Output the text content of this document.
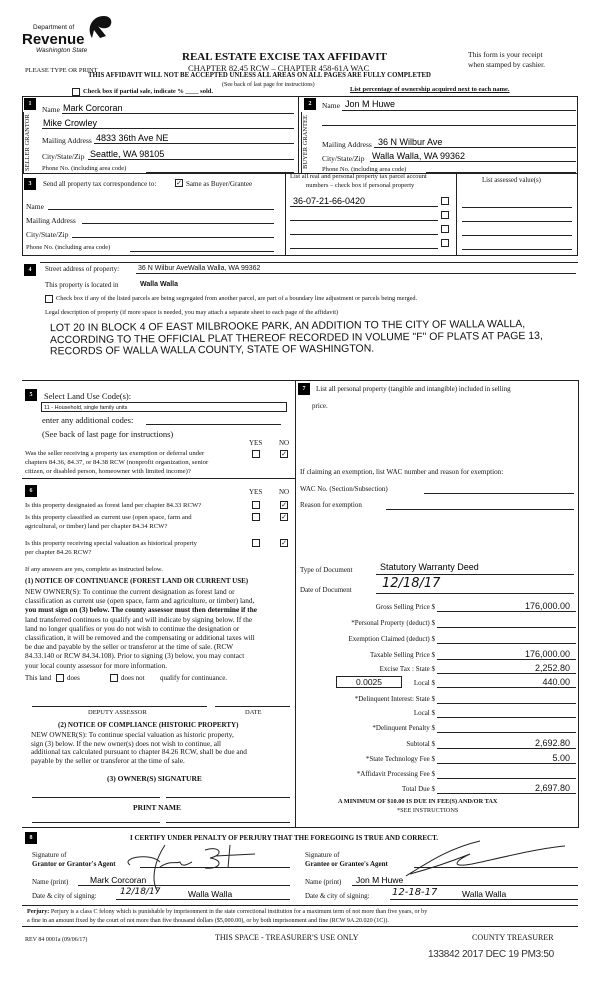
Department of
Revenue
Washington State
REAL ESTATE EXCISE TAX AFFIDAVIT
CHAPTER 82.45 RCW – CHAPTER 458-61A WAC
This form is your receipt
when stamped by cashier.
PLEASE TYPE OR PRINT
THIS AFFIDAVIT WILL NOT BE ACCEPTED UNLESS ALL AREAS ON ALL PAGES ARE FULLY COMPLETED
(See back of last page for instructions)
Check box if partial sale, indicate % ____ sold.	List percentage of ownership acquired next to each name.
1
SELLER GRANTOR
Name Mark Corcoran
Mike Crowley
Mailing Address 4833 36th Ave NE
City/State/Zip Seattle, WA 98105
Phone No. (including area code)
2
BUYER GRANTEE
Name Jon M Huwe
Mailing Address 36 N Wilbur Ave
City/State/Zip Walla Walla, WA 99362
Phone No. (including area code)
3	Send all property tax correspondence to:	✓ Same as Buyer/Grantee
Name
Mailing Address
City/State/Zip
Phone No. (including area code)
List all real and personal property tax parcel account
numbers – check box if personal property
36-07-21-66-0420
List assessed value(s)
4	Street address of property:	36 N Wilbur AveWalla Walla, WA 99362
This property is located in	Walla Walla
Check box if any of the listed parcels are being segregated from another parcel, are part of a boundary line adjustment or parcels being merged.
Legal description of property (if more space is needed, you may attach a separate sheet to each page of the affidavit)
LOT 20 IN BLOCK 4 OF EAST MILBROOKE PARK, AN ADDITION TO THE CITY OF WALLA WALLA,
ACCORDING TO THE OFFICIAL PLAT THEREOF RECORDED IN VOLUME "F" OF PLATS AT PAGE 13,
RECORDS OF WALLA WALLA COUNTY, STATE OF WASHINGTON.
5	Select Land Use Code(s):
11 - Household, single family units
enter any additional codes:
(See back of last page for instructions)
YES NO
Was the seller receiving a property tax exemption or deferral under
chapters 84.36, 84.37, or 84.38 RCW (nonprofit organization, senior
citizen, or disabled person, homeowner with limited income)?
✓
6	YES NO
Is this property designated as forest land per chapter 84.33 RCW?	✓
Is this property classified as current use (open space, farm and
agricultural, or timber) land per chapter 84.34 RCW?
✓
Is this property receiving special valuation as historical property
per chapter 84.26 RCW?
✓
If any answers are yes, complete as instructed below.
(1) NOTICE OF CONTINUANCE (FOREST LAND OR CURRENT USE)
NEW OWNER(S): To continue the current designation as forest land or
classification as current use (open space, farm and agriculture, or timber) land,
you must sign on (3) below. The county assessor must then determine if the
land transferred continues to qualify and will indicate by signing below. If the
land no longer qualifies or you do not wish to continue the designation or
classification, it will be removed and the compensating or additional taxes will
be due and payable by the seller or transferor at the time of sale. (RCW
84.33.140 or RCW 84.34.108). Prior to signing (3) below, you may contact
your local county assessor for more information.
This land does	does not qualify for continuance.
DEPUTY ASSESSOR	DATE
(2) NOTICE OF COMPLIANCE (HISTORIC PROPERTY)
NEW OWNER(S): To continue special valuation as historic property,
sign (3) below. If the new owner(s) does not wish to continue, all
additional tax calculated pursuant to chapter 84.26 RCW, shall be due and
payable by the seller or transferor at the time of sale.
(3) OWNER(S) SIGNATURE
PRINT NAME
7	List all personal property (tangible and intangible) included in selling
price.
If claiming an exemption, list WAC number and reason for exemption:
WAC No. (Section/Subsection)
Reason for exemption
Type of Document	Statutory Warranty Deed
Date of Document 12/18/17
Gross Selling Price $	176,000.00
*Personal Property (deduct) $
Exemption Claimed (deduct) $
Taxable Selling Price $	176,000.00
Excise Tax : State $	2,252.80
Local $	440.00
*Delinquent Interest: State $
Local $
*Delinquent Penalty $
Subtotal $	2,692.80
*State Technology Fee $	5.00
*Affidavit Processing Fee $
Total Due $	2,697.80
0.0025
A MINIMUM OF $10.00 IS DUE IN FEE(S) AND/OR TAX
*SEE INSTRUCTIONS
8	I CERTIFY UNDER PENALTY OF PERJURY THAT THE FOREGOING IS TRUE AND CORRECT.
Signature of
Grantor or Grantor's Agent
Name (print)	Mark Corcoran
Date & city of signing:	12/18/17	Walla Walla
Signature of
Grantee or Grantee's Agent
Name (print) Jon M Huwe
Date & city of signing: 12-18-17	Walla Walla
Perjury: Perjury is a class C felony which is punishable by imprisonment in the state correctional institution for a maximum term of not more than five years, or by
a fine in an amount fixed by the court of not more than five thousand dollars ($5,000.00), or by both imprisonment and fine (RCW 9A.20.020 (1C)).
REV 84 0001a (09/06/17)	THIS SPACE - TREASURER'S USE ONLY	COUNTY TREASURER
133842 2017 DEC 19 PM3:50
